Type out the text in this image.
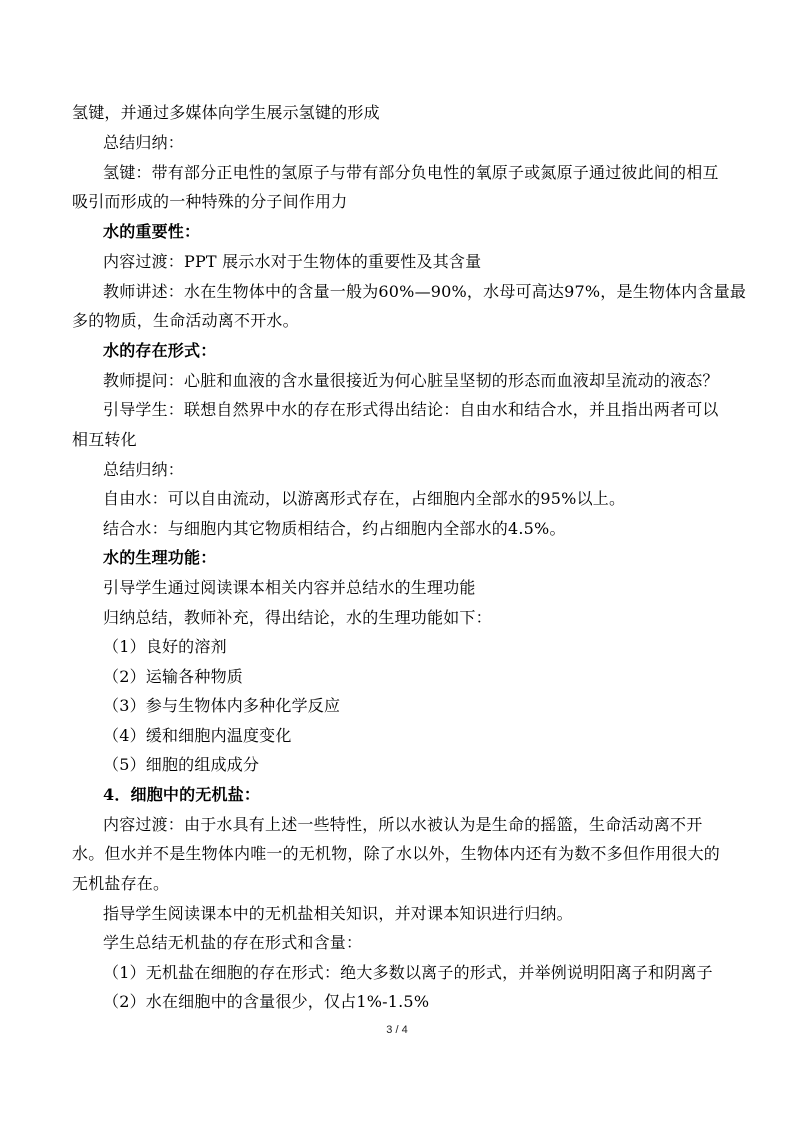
氢键，并通过多媒体向学生展示氢键的形成
总结归纳：
氢键：带有部分正电性的氢原子与带有部分负电性的氧原子或氮原子通过彼此间的相互
吸引而形成的一种特殊的分子间作用力
水的重要性：
内容过渡：PPT 展示水对于生物体的重要性及其含量
教师讲述：水在生物体中的含量一般为60%—90%，水母可高达97%，是生物体内含量最
多的物质，生命活动离不开水。
水的存在形式：
教师提问：心脏和血液的含水量很接近为何心脏呈坚韧的形态而血液却呈流动的液态？
引导学生：联想自然界中水的存在形式得出结论：自由水和结合水，并且指出两者可以
相互转化
总结归纳：
自由水：可以自由流动，以游离形式存在，占细胞内全部水的95%以上。
结合水：与细胞内其它物质相结合，约占细胞内全部水的4.5%。
水的生理功能：
引导学生通过阅读课本相关内容并总结水的生理功能
归纳总结，教师补充，得出结论，水的生理功能如下：
（1）良好的溶剂
（2）运输各种物质
（3）参与生物体内多种化学反应
（4）缓和细胞内温度变化
（5）细胞的组成成分
4．细胞中的无机盐：
内容过渡：由于水具有上述一些特性，所以水被认为是生命的摇篮，生命活动离不开
水。但水并不是生物体内唯一的无机物，除了水以外，生物体内还有为数不多但作用很大的
无机盐存在。
指导学生阅读课本中的无机盐相关知识，并对课本知识进行归纳。
学生总结无机盐的存在形式和含量：
（1）无机盐在细胞的存在形式：绝大多数以离子的形式，并举例说明阳离子和阴离子
（2）水在细胞中的含量很少，仅占1%-1.5%
3 / 4
